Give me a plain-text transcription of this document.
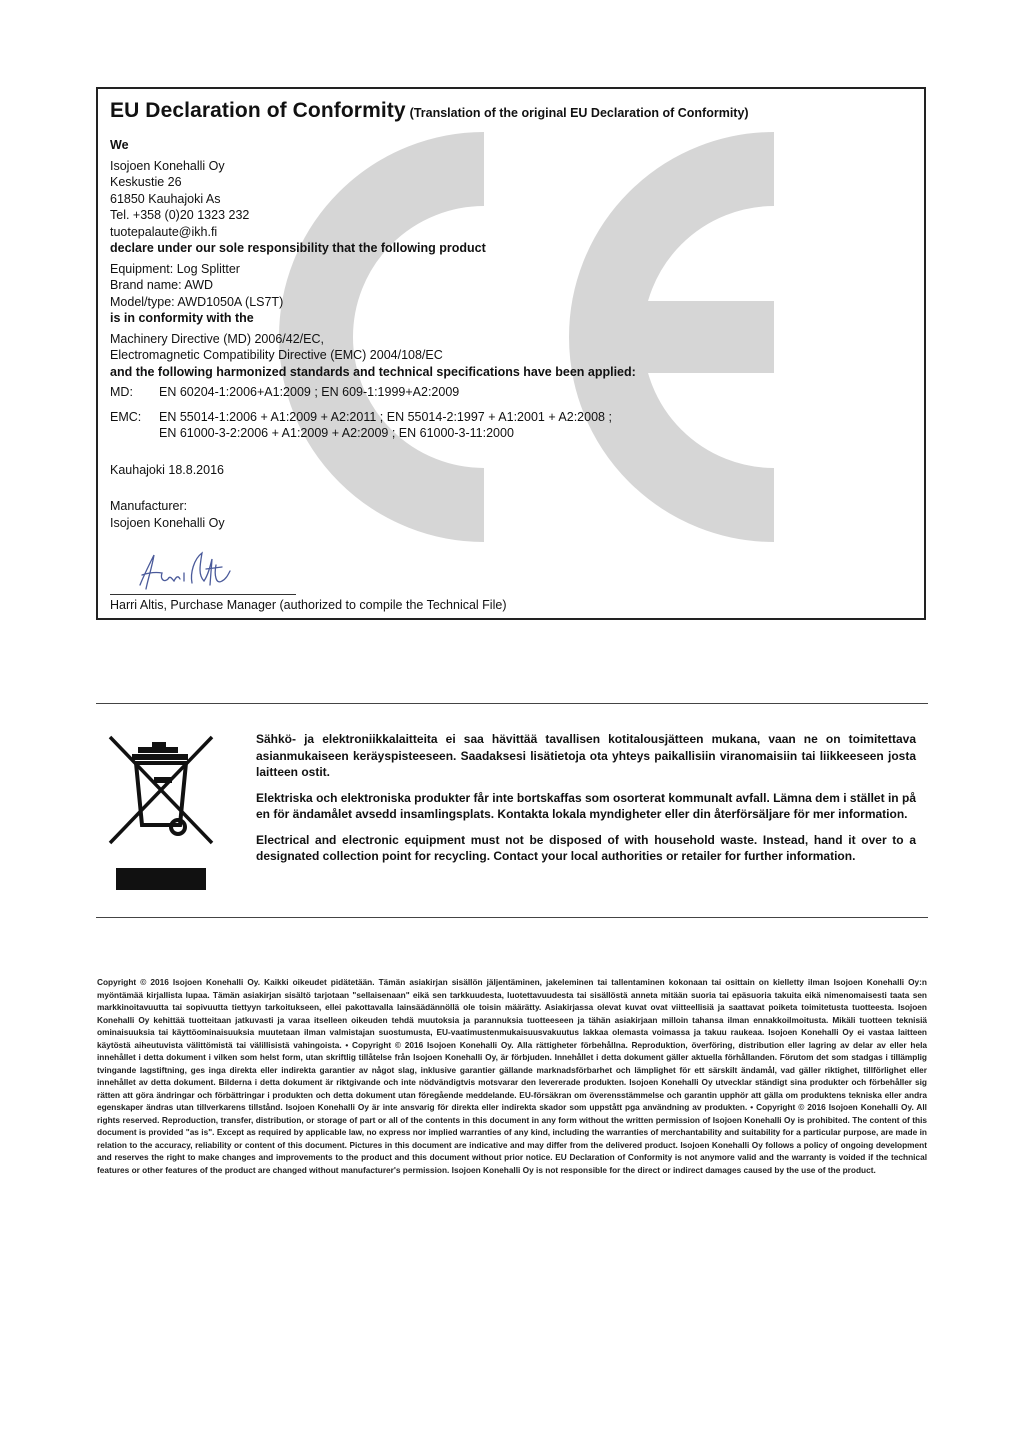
EU Declaration of Conformity (Translation of the original EU Declaration of Conformity)
We
Isojoen Konehalli Oy
Keskustie 26
61850 Kauhajoki As
Tel. +358 (0)20 1323 232
tuotepalaute@ikh.fi
declare under our sole responsibility that the following product
Equipment: Log Splitter
Brand name: AWD
Model/type: AWD1050A (LS7T)
is in conformity with the
Machinery Directive (MD) 2006/42/EC,
Electromagnetic Compatibility Directive (EMC) 2004/108/EC
and the following harmonized standards and technical specifications have been applied:
MD:	EN 60204-1:2006+A1:2009 ; EN 609-1:1999+A2:2009
EMC:	EN 55014-1:2006 + A1:2009 + A2:2011 ; EN 55014-2:1997 + A1:2001 + A2:2008 ;
EN 61000-3-2:2006 + A1:2009 + A2:2009 ; EN 61000-3-11:2000
Kauhajoki 18.8.2016
Manufacturer:
Isojoen Konehalli Oy
Harri Altis, Purchase Manager (authorized to compile the Technical File)

Sähkö- ja elektroniikkalaitteita ei saa hävittää tavallisen kotitalousjätteen mukana, vaan ne on toimitettava asianmukaiseen keräyspisteeseen. Saadaksesi lisätietoja ota yhteys paikallisiin viranomaisiin tai liikkeeseen josta laitteen ostit.

Elektriska och elektroniska produkter får inte bortskaffas som osorterat kommunalt avfall. Lämna dem i stället in på en för ändamålet avsedd insamlingsplats. Kontakta lokala myndigheter eller din återförsäljare för mer information.

Electrical and electronic equipment must not be disposed of with household waste. Instead, hand it over to a designated collection point for recycling. Contact your local authorities or retailer for further information.

Copyright © 2016 Isojoen Konehalli Oy. Kaikki oikeudet pidätetään. Tämän asiakirjan sisällön jäljentäminen, jakeleminen tai tallentaminen kokonaan tai osittain on kielletty ilman Isojoen Konehalli Oy:n myöntämää kirjallista lupaa. Tämän asiakirjan sisältö tarjotaan "sellaisenaan" eikä sen tarkkuudesta, luotettavuudesta tai sisällöstä anneta mitään suoria tai epäsuoria takuita eikä nimenomaisesti taata sen markkinoitavuutta tai sopivuutta tiettyyn tarkoitukseen, ellei pakottavalla lainsäädännöllä ole toisin määrätty. Asiakirjassa olevat kuvat ovat viitteellisiä ja saattavat poiketa toimitetusta tuotteesta. Isojoen Konehalli Oy kehittää tuotteitaan jatkuvasti ja varaa itselleen oikeuden tehdä muutoksia ja parannuksia tuotteeseen ja tähän asiakirjaan milloin tahansa ilman ennakkoilmoitusta. Mikäli tuotteen teknisiä ominaisuuksia tai käyttöominaisuuksia muutetaan ilman valmistajan suostumusta, EU-vaatimustenmukaisuusvakuutus lakkaa olemasta voimassa ja takuu raukeaa. Isojoen Konehalli Oy ei vastaa laitteen käytöstä aiheutuvista välittömistä tai välillisistä vahingoista. • Copyright © 2016 Isojoen Konehalli Oy. Alla rättigheter förbehållna. Reproduktion, överföring, distribution eller lagring av delar av eller hela innehållet i detta dokument i vilken som helst form, utan skriftlig tillåtelse från Isojoen Konehalli Oy, är förbjuden. Innehållet i detta dokument gäller aktuella förhållanden. Förutom det som stadgas i tillämplig tvingande lagstiftning, ges inga direkta eller indirekta garantier av något slag, inklusive garantier gällande marknadsförbarhet och lämplighet för ett särskilt ändamål, vad gäller riktighet, tillförlighet eller innehållet av detta dokument. Bilderna i detta dokument är riktgivande och inte nödvändigtvis motsvarar den levererade produkten. Isojoen Konehalli Oy utvecklar ständigt sina produkter och förbehåller sig rätten att göra ändringar och förbättringar i produkten och detta dokument utan föregående meddelande. EU-försäkran om överensstämmelse och garantin upphör att gälla om produktens tekniska eller andra egenskaper ändras utan tillverkarens tillstånd. Isojoen Konehalli Oy är inte ansvarig för direkta eller indirekta skador som uppstått pga användning av produkten. • Copyright © 2016 Isojoen Konehalli Oy. All rights reserved. Reproduction, transfer, distribution, or storage of part or all of the contents in this document in any form without the written permission of Isojoen Konehalli Oy is prohibited. The content of this document is provided "as is". Except as required by applicable law, no express nor implied warranties of any kind, including the warranties of merchantability and suitability for a particular purpose, are made in relation to the accuracy, reliability or content of this document. Pictures in this document are indicative and may differ from the delivered product. Isojoen Konehalli Oy follows a policy of ongoing development and reserves the right to make changes and improvements to the product and this document without prior notice. EU Declaration of Conformity is not anymore valid and the warranty is voided if the technical features or other features of the product are changed without manufacturer's permission. Isojoen Konehalli Oy is not responsible for the direct or indirect damages caused by the use of the product.
